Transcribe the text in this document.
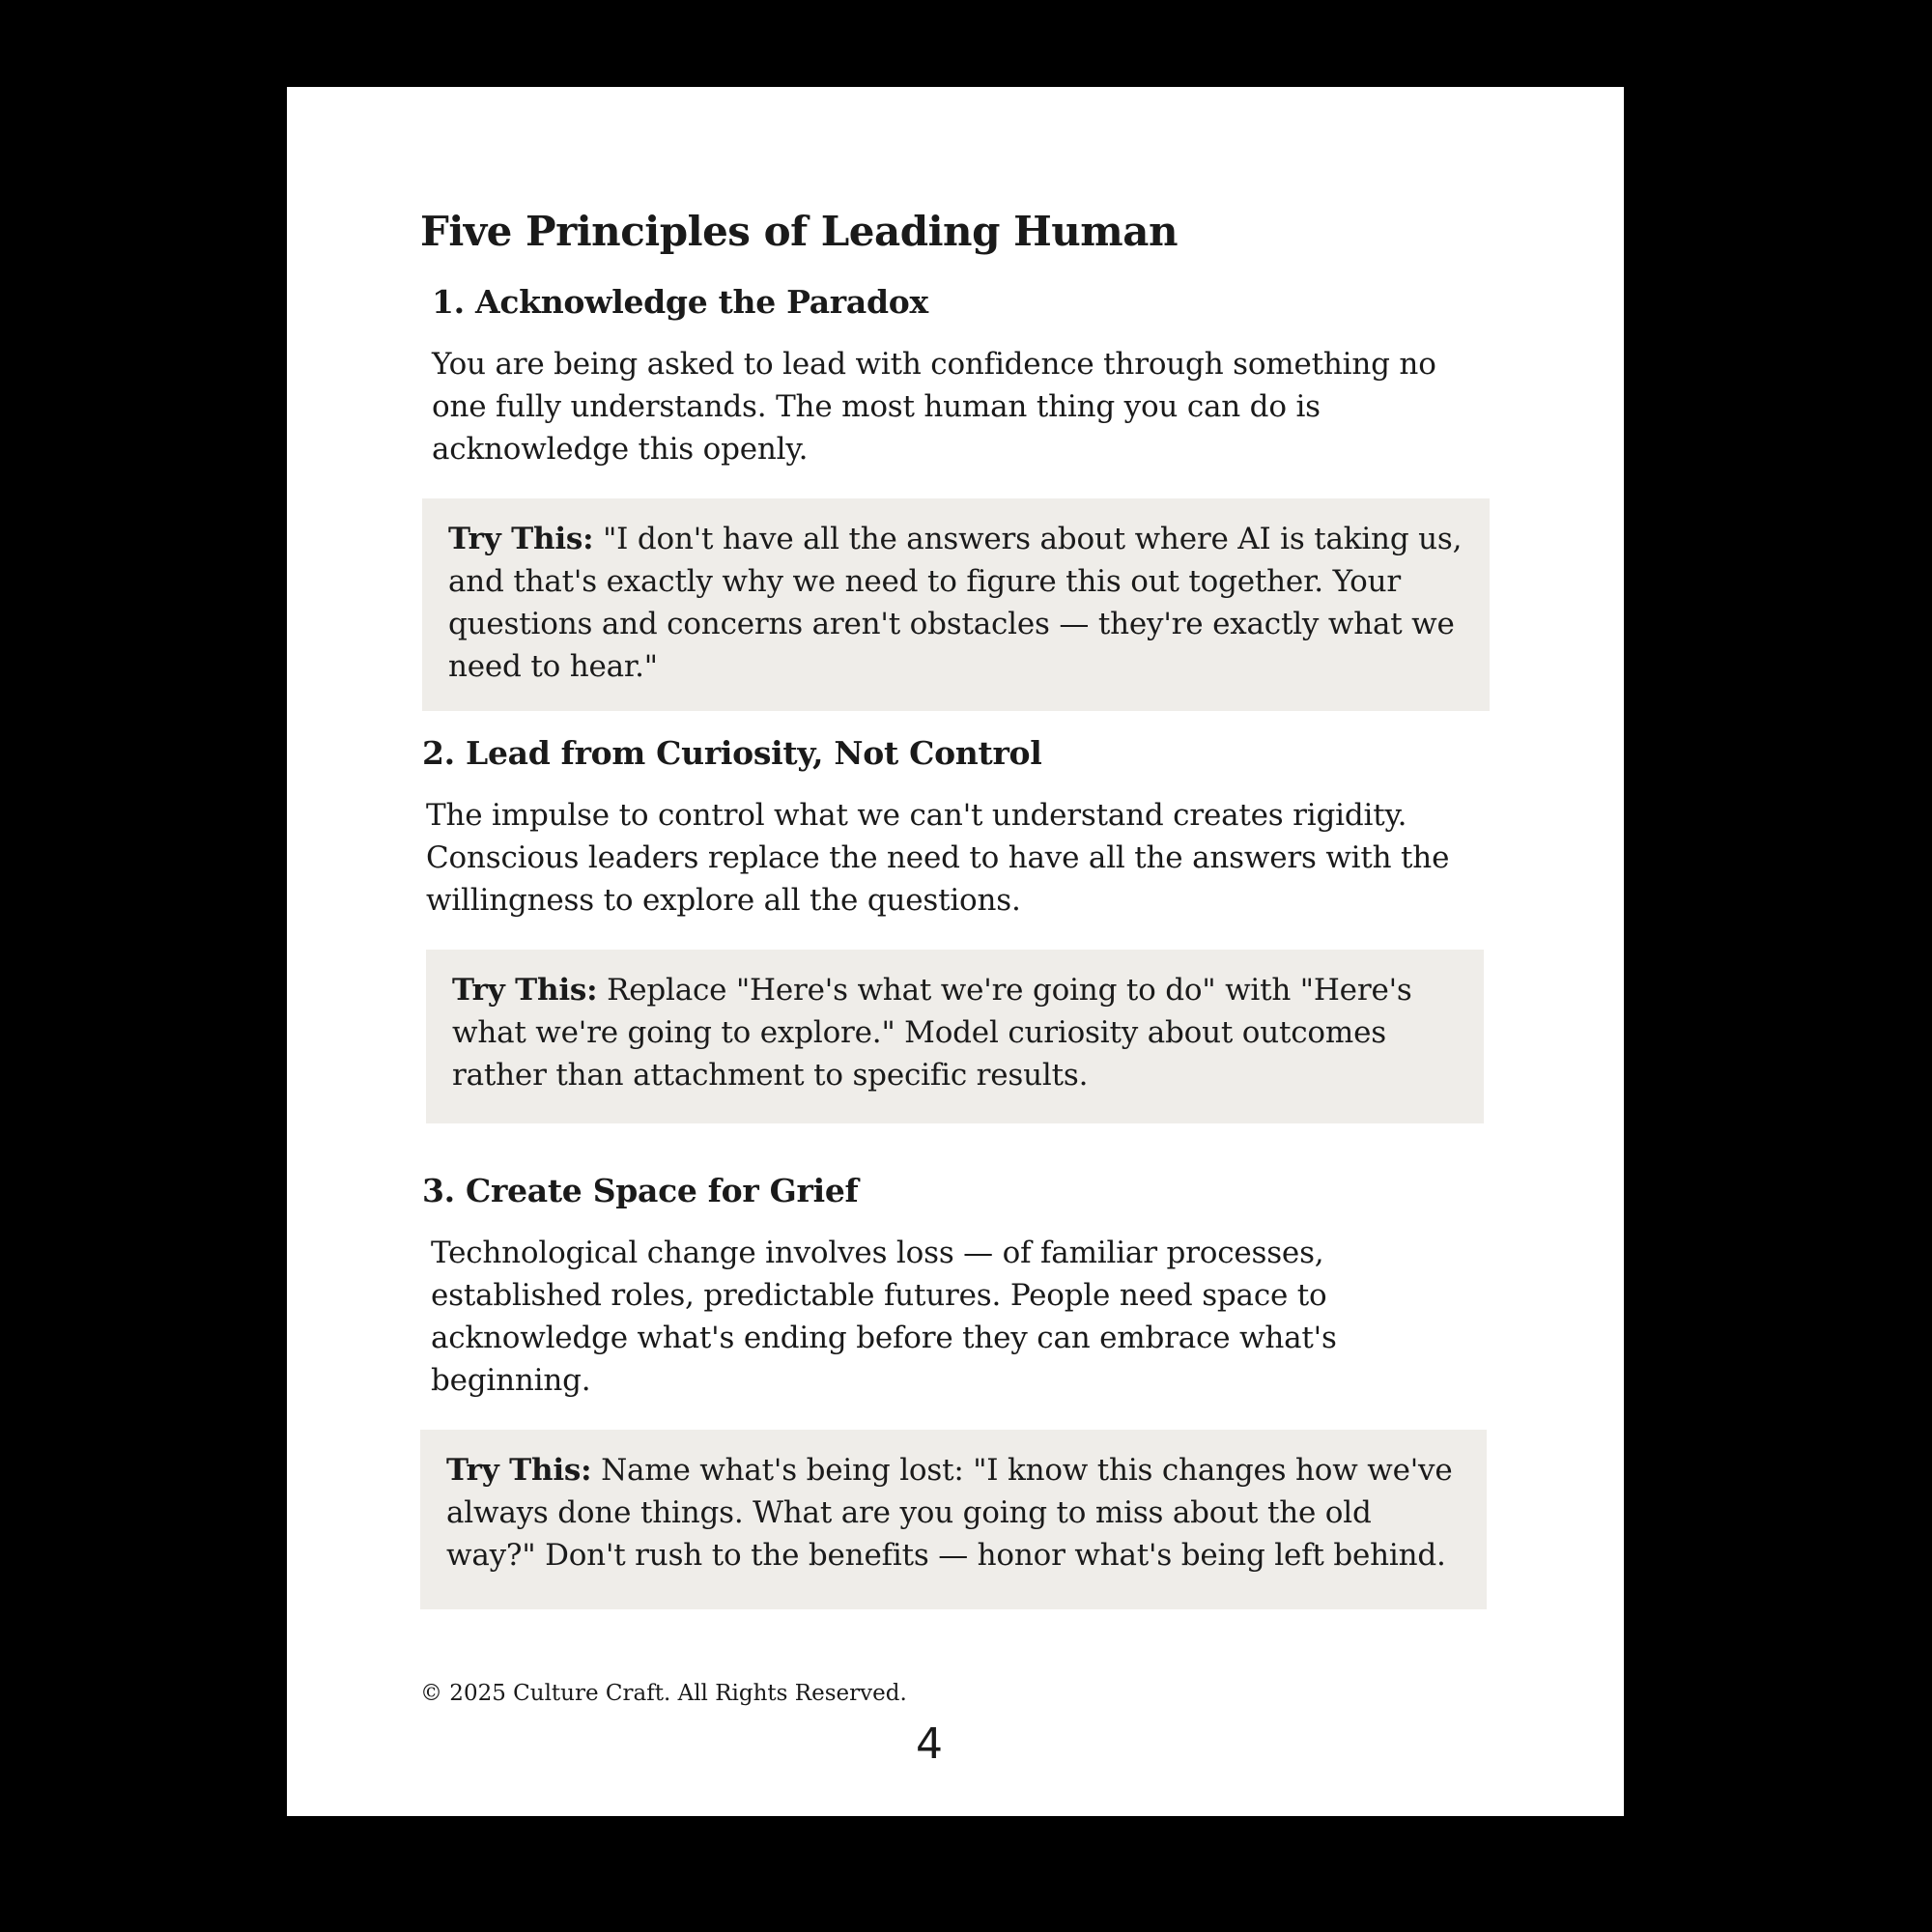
Five Principles of Leading Human
1. Acknowledge the Paradox

You are being asked to lead with confidence through something no one fully understands. The most human thing you can do is acknowledge this openly.

Try This: "I don't have all the answers about where AI is taking us, and that's exactly why we need to figure this out together. Your questions and concerns aren't obstacles — they're exactly what we need to hear."
2. Lead from Curiosity, Not Control

The impulse to control what we can't understand creates rigidity. Conscious leaders replace the need to have all the answers with the willingness to explore all the questions.

Try This: Replace "Here's what we're going to do" with "Here's what we're going to explore." Model curiosity about outcomes rather than attachment to specific results.
3. Create Space for Grief

Technological change involves loss — of familiar processes, established roles, predictable futures. People need space to acknowledge what's ending before they can embrace what's beginning.

Try This: Name what's being lost: "I know this changes how we've always done things. What are you going to miss about the old way?" Don't rush to the benefits — honor what's being left behind.
© 2025 Culture Craft. All Rights Reserved.
4
